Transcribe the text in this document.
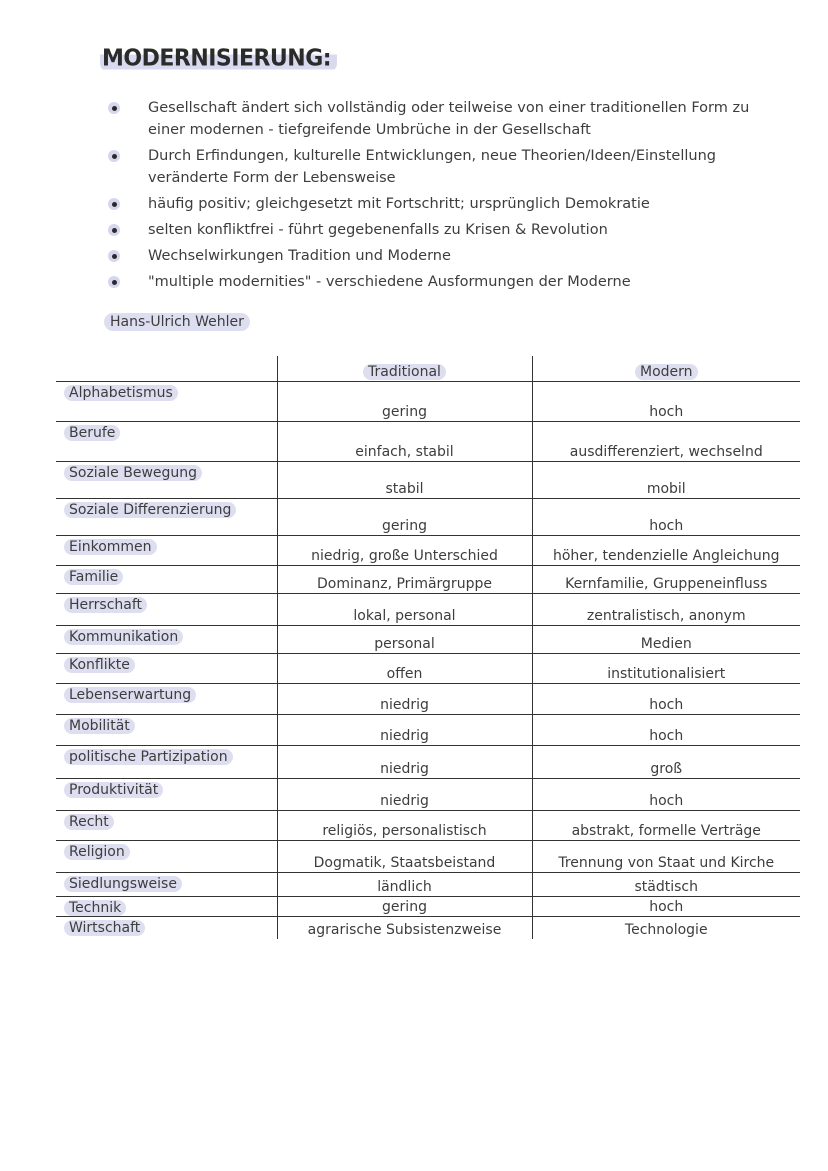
MODERNISIERUNG:
Gesellschaft ändert sich vollständig oder teilweise von einer traditionellen Form zu einer modernen - tiefgreifende Umbrüche in der Gesellschaft
Durch Erfindungen, kulturelle Entwicklungen, neue Theorien/Ideen/Einstellung veränderte Form der Lebensweise
häufig positiv; gleichgesetzt mit Fortschritt; ursprünglich Demokratie
selten konfliktfrei - führt gegebenenfalls zu Krisen & Revolution
Wechselwirkungen Tradition und Moderne
"multiple modernities" - verschiedene Ausformungen der Moderne
Hans-Ulrich Wehler
	Traditional	Modern
Alphabetismus	gering	hoch
Berufe	einfach, stabil	ausdifferenziert, wechselnd
Soziale Bewegung	stabil	mobil
Soziale Differenzierung	gering	hoch
Einkommen	niedrig, große Unterschied	höher, tendenzielle Angleichung
Familie	Dominanz, Primärgruppe	Kernfamilie, Gruppeneinfluss
Herrschaft	lokal, personal	zentralistisch, anonym
Kommunikation	personal	Medien
Konflikte	offen	institutionalisiert
Lebenserwartung	niedrig	hoch
Mobilität	niedrig	hoch
politische Partizipation	niedrig	groß
Produktivität	niedrig	hoch
Recht	religiös, personalistisch	abstrakt, formelle Verträge
Religion	Dogmatik, Staatsbeistand	Trennung von Staat und Kirche
Siedlungsweise	ländlich	städtisch
Technik	gering	hoch
Wirtschaft	agrarische Subsistenzweise	Technologie
